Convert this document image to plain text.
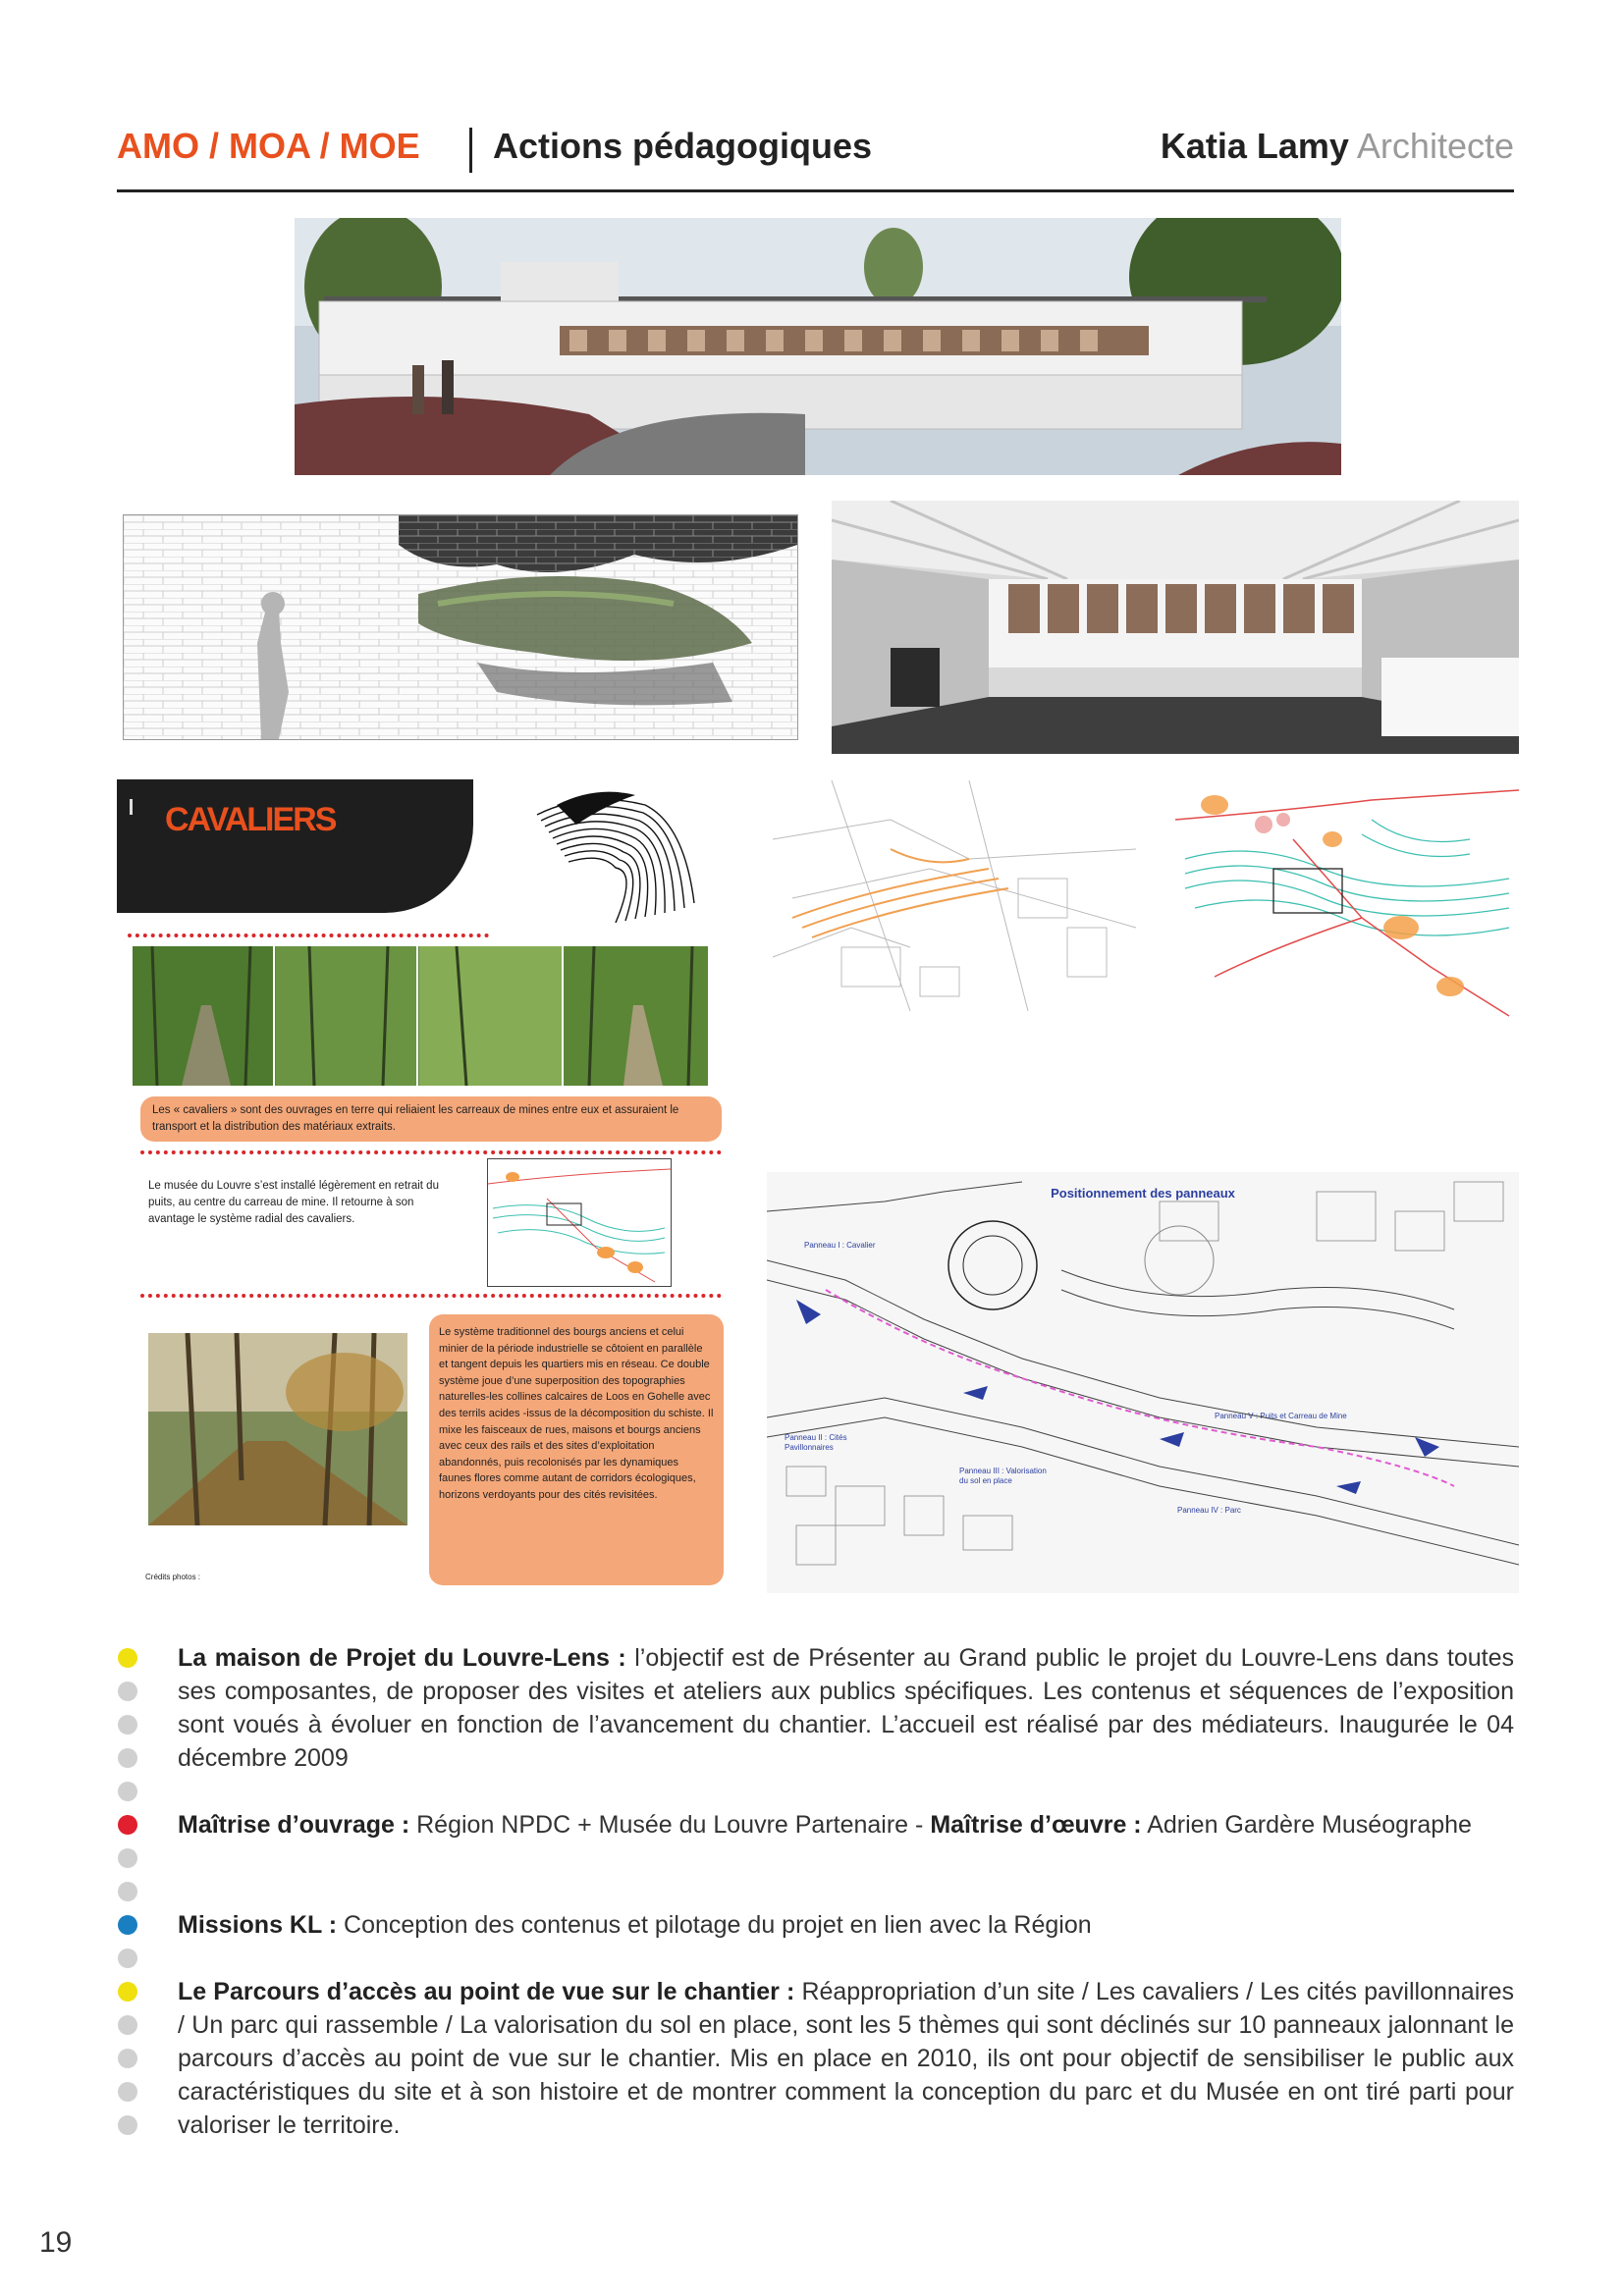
AMO / MOA / MOE Actions pédagogiques	Katia Lamy Architecte
CAVALIERS
Les « cavaliers » sont des ouvrages en terre qui reliaient les carreaux de mines entre eux et assuraient le transport et la distribution des matériaux extraits.
Le musée du Louvre s’est installé légèrement en retrait du puits, au centre du carreau de mine. Il retourne à son avantage le système radial des cavaliers.
Crédits photos :
Le système traditionnel des bourgs anciens et celui minier de la période industrielle se côtoient en parallèle et tangent depuis les quartiers mis en réseau. Ce double système joue d’une superposition des topographies naturelles-les collines calcaires de Loos en Gohelle avec des terrils acides -issus de la décomposition du schiste. Il mixe les faisceaux de rues, maisons et bourgs anciens avec ceux des rails et des sites d’exploitation abandonnés, puis recolonisés par les dynamiques faunes flores comme autant de corridors écologiques, horizons verdoyants pour des cités revisitées.
Positionnement des panneaux
Panneau I : Cavalier
Panneau II : Cités Pavillonnaires
Panneau III : Valorisation du sol en place
Panneau IV : Parc
Panneau V : Puits et Carreau de Mine
La maison de Projet du Louvre-Lens : l’objectif est de Présenter au Grand public le projet du Louvre-Lens dans toutes ses composantes, de proposer des visites et ateliers aux publics spécifiques. Les contenus et séquences de l’exposition sont voués à évoluer en fonction de l’avancement du chantier. L’accueil est réalisé par des médiateurs. Inaugurée le 04 décembre 2009
Maîtrise d’ouvrage : Région NPDC + Musée du Louvre Partenaire - Maîtrise d’œuvre : Adrien Gardère Muséographe
Missions KL : Conception des contenus et pilotage du projet en lien avec la Région
Le Parcours d’accès au point de vue sur le chantier : Réappropriation d’un site / Les cavaliers / Les cités pavillonnaires / Un parc qui rassemble / La valorisation du sol en place, sont les 5 thèmes qui sont déclinés sur 10 panneaux jalonnant le parcours d’accès au point de vue sur le chantier. Mis en place en 2010, ils ont pour objectif de sensibiliser le public aux caractéristiques du site et à son histoire et de montrer comment la conception du parc et du Musée en ont tiré parti pour valoriser le territoire.
19
